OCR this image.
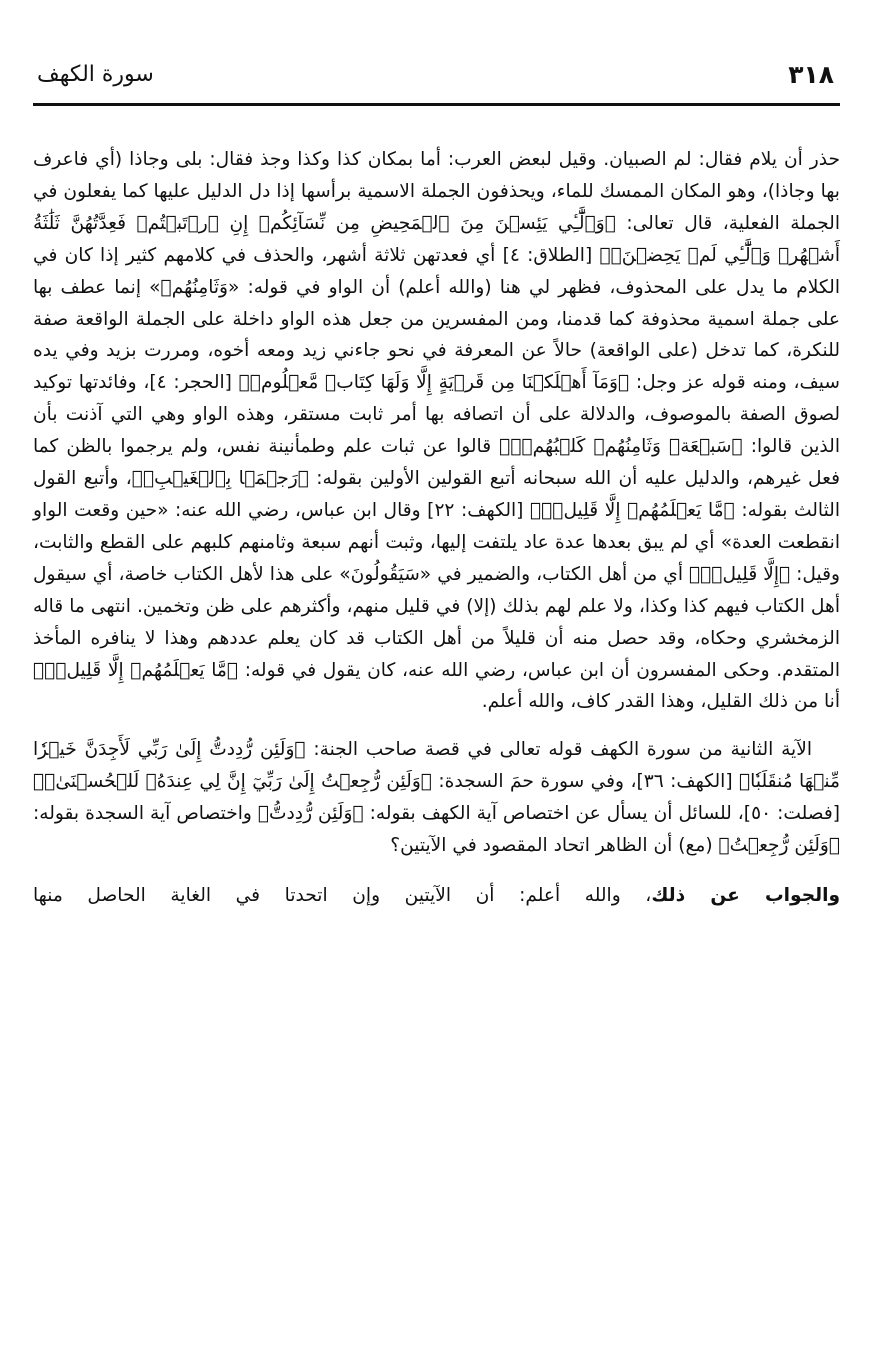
٣١٨
سورة الكهف

حذر أن يلام فقال: لم الصبيان. وقيل لبعض العرب: أما بمكان كذا وكذا وجذ فقال: بلى وجاذا (أي فاعرف بها وجاذا)، وهو المكان الممسك للماء، ويحذفون الجملة الاسمية برأسها إذا دل الدليل عليها كما يفعلون في الجملة الفعلية، قال تعالى: ﴿وَٱلَّٰٓـِٔي يَئِسۡنَ مِنَ ٱلۡمَحِيضِ مِن نِّسَآئِكُمۡ إِنِ ٱرۡتَبۡتُمۡ فَعِدَّتُهُنَّ ثَلَٰثَةُ أَشۡهُرٖ وَٱلَّٰٓـِٔي لَمۡ يَحِضۡنَۚ﴾ [الطلاق: ٤] أي فعدتهن ثلاثة أشهر، والحذف في كلامهم كثير إذا كان في الكلام ما يدل على المحذوف، فظهر لي هنا (والله أعلم) أن الواو في قوله: «وَثَامِنُهُمۡ» إنما عطف بها على جملة اسمية محذوفة كما قدمنا، ومن المفسرين من جعل هذه الواو داخلة على الجملة الواقعة صفة للنكرة، كما تدخل (على الواقعة) حالاً عن المعرفة في نحو جاءني زيد ومعه أخوه، ومررت بزيد وفي يده سيف، ومنه قوله عز وجل: ﴿وَمَآ أَهۡلَكۡنَا مِن قَرۡيَةٍ إِلَّا وَلَهَا كِتَابٞ مَّعۡلُومٞ﴾ [الحجر: ٤]، وفائدتها توكيد لصوق الصفة بالموصوف، والدلالة على أن اتصافه بها أمر ثابت مستقر، وهذه الواو وهي التي آذنت بأن الذين قالوا: ﴿سَبۡعَةٞ وَثَامِنُهُمۡ كَلۡبُهُمۡۚ﴾ قالوا عن ثبات علم وطمأنينة نفس، ولم يرجموا بالظن كما فعل غيرهم، والدليل عليه أن الله سبحانه أتبع القولين الأولين بقوله: ﴿رَجۡمَۢا بِٱلۡغَيۡبِۖ﴾، وأتبع القول الثالث بقوله: ﴿مَّا يَعۡلَمُهُمۡ إِلَّا قَلِيلٞۗ﴾ [الكهف: ٢٢] وقال ابن عباس، رضي الله عنه: «حين وقعت الواو انقطعت العدة» أي لم يبق بعدها عدة عاد يلتفت إليها، وثبت أنهم سبعة وثامنهم كلبهم على القطع والثابت، وقيل: ﴿إِلَّا قَلِيلٞۗ﴾ أي من أهل الكتاب، والضمير في «سَيَقُولُونَ» على هذا لأهل الكتاب خاصة، أي سيقول أهل الكتاب فيهم كذا وكذا، ولا علم لهم بذلك (إلا) في قليل منهم، وأكثرهم على ظن وتخمين. انتهى ما قاله الزمخشري وحكاه، وقد حصل منه أن قليلاً من أهل الكتاب قد كان يعلم عددهم وهذا لا ينافره المأخذ المتقدم. وحكى المفسرون أن ابن عباس، رضي الله عنه، كان يقول في قوله: ﴿مَّا يَعۡلَمُهُمۡ إِلَّا قَلِيلٞۗ﴾ أنا من ذلك القليل، وهذا القدر كاف، والله أعلم.

الآية الثانية من سورة الكهف قوله تعالى في قصة صاحب الجنة: ﴿وَلَئِن رُّدِدتُّ إِلَىٰ رَبِّي لَأَجِدَنَّ خَيۡرٗا مِّنۡهَا مُنقَلَبٗا﴾ [الكهف: ٣٦]، وفي سورة حمَ السجدة: ﴿وَلَئِن رُّجِعۡتُ إِلَىٰ رَبِّيٓ إِنَّ لِي عِندَهُۥ لَلۡحُسۡنَىٰۚ﴾ [فصلت: ٥٠]، للسائل أن يسأل عن اختصاص آية الكهف بقوله: ﴿وَلَئِن رُّدِدتُّ﴾ واختصاص آية السجدة بقوله: ﴿وَلَئِن رُّجِعۡتُ﴾ (مع) أن الظاهر اتحاد المقصود في الآيتين؟

والجواب عن ذلك، والله أعلم: أن الآيتين وإن اتحدتا في الغاية الحاصل منها
